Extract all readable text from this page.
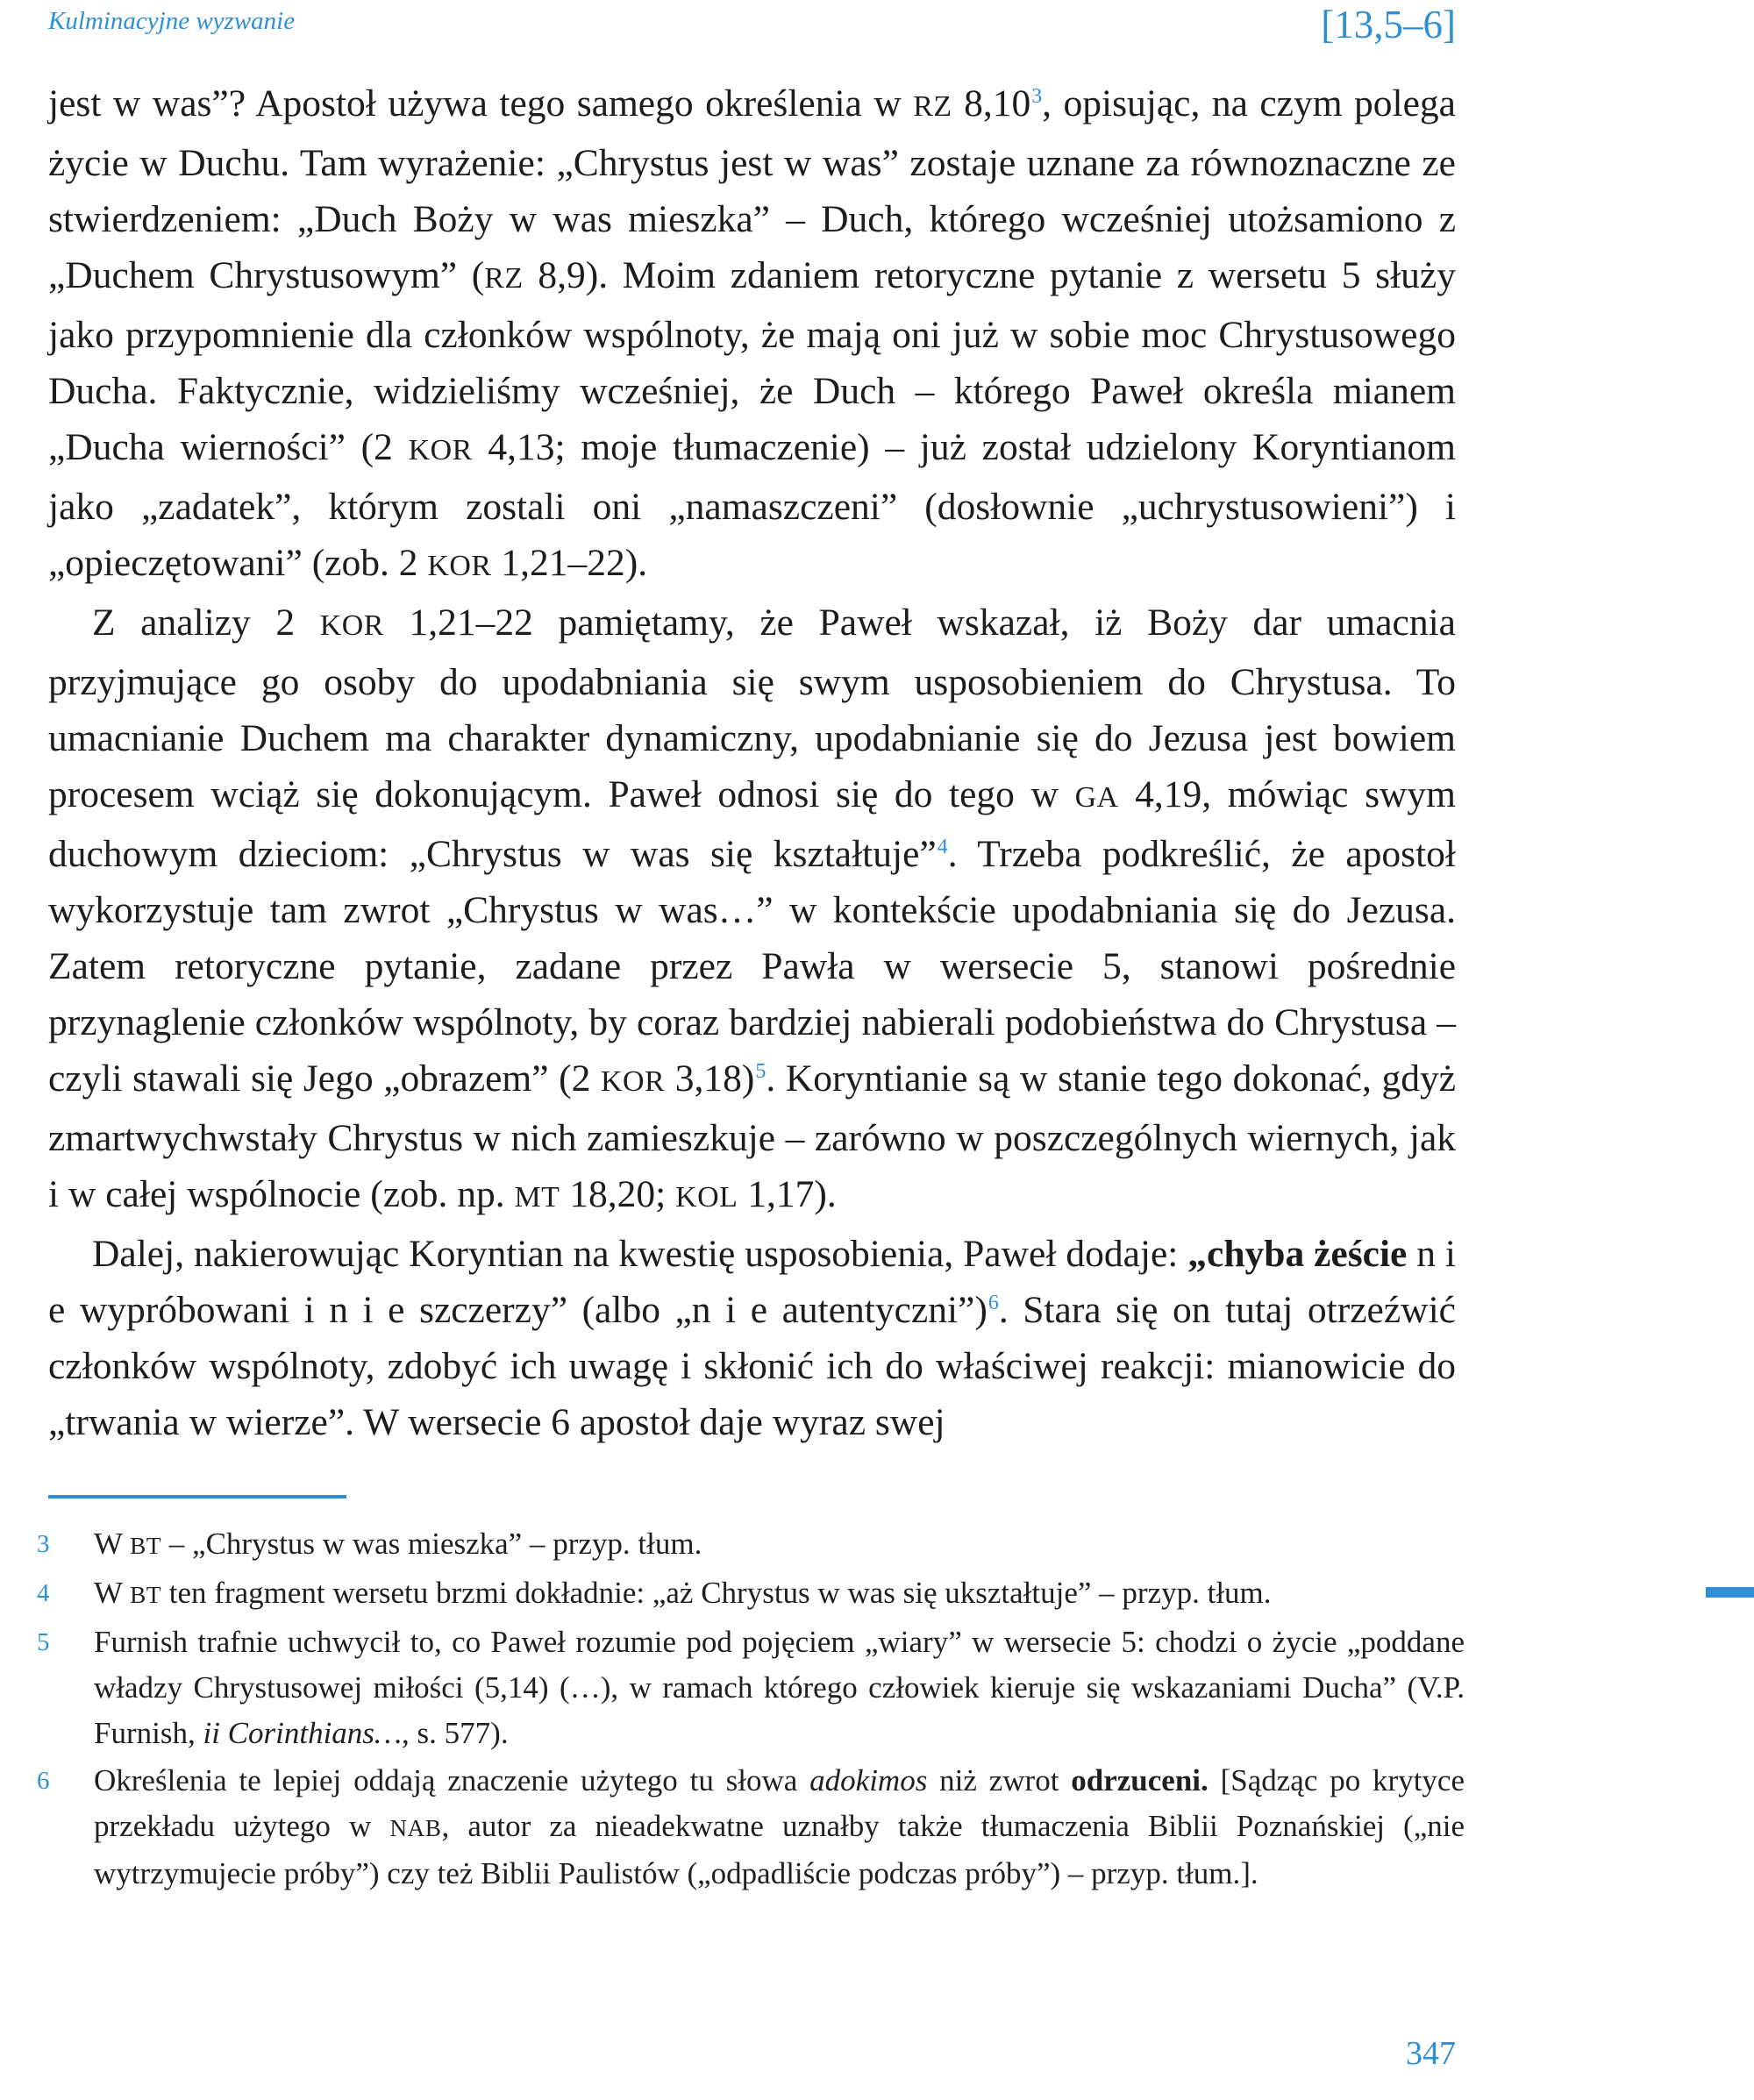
Kulminacyjne wyzwanie	[13,5–6]

jest w was”? Apostoł używa tego samego określenia w RZ 8,10$^3$, opisując, na czym polega życie w Duchu. Tam wyrażenie: „Chrystus jest w was” zostaje uznane za równoznaczne ze stwierdzeniem: „Duch Boży w was mieszka” – Duch, którego wcześniej utożsamiono z „Duchem Chrystusowym” (RZ 8,9). Moim zdaniem retoryczne pytanie z wersetu 5 służy jako przypomnienie dla członków wspólnoty, że mają oni już w sobie moc Chrystusowego Ducha. Faktycznie, widzieliśmy wcześniej, że Duch – którego Paweł określa mianem „Ducha wierności” (2 KOR 4,13; moje tłumaczenie) – już został udzielony Koryntianom jako „zadatek”, którym zostali oni „namaszczeni” (dosłownie „uchrystusowieni”) i „opieczętowani” (zob. 2 KOR 1,21–22).

Z analizy 2 KOR 1,21–22 pamiętamy, że Paweł wskazał, iż Boży dar umacnia przyjmujące go osoby do upodabniania się swym usposobieniem do Chrystusa. To umacnianie Duchem ma charakter dynamiczny, upodabnianie się do Jezusa jest bowiem procesem wciąż się dokonującym. Paweł odnosi się do tego w GA 4,19, mówiąc swym duchowym dzieciom: „Chrystus w was się kształtuje”$^4$. Trzeba podkreślić, że apostoł wykorzystuje tam zwrot „Chrystus w was…” w kontekście upodabniania się do Jezusa. Zatem retoryczne pytanie, zadane przez Pawła w wersecie 5, stanowi pośrednie przynaglenie członków wspólnoty, by coraz bardziej nabierali podobieństwa do Chrystusa – czyli stawali się Jego „obrazem” (2 KOR 3,18)$^5$. Koryntianie są w stanie tego dokonać, gdyż zmartwychwstały Chrystus w nich zamieszkuje – zarówno w poszczególnych wiernych, jak i w całej wspólnocie (zob. np. MT 18,20; KOL 1,17).

Dalej, nakierowując Koryntian na kwestię usposobienia, Paweł dodaje: „chyba żeście n i e wypróbowani i n i e szczerzy” (albo „n i e autentyczni”)$^6$. Stara się on tutaj otrzeźwić członków wspólnoty, zdobyć ich uwagę i skłonić ich do właściwej reakcji: mianowicie do „trwania w wierze”. W wersecie 6 apostoł daje wyraz swej

3	W BT – „Chrystus w was mieszka” – przyp. tłum.
4	W BT ten fragment wersetu brzmi dokładnie: „aż Chrystus w was się ukształtuje” – przyp. tłum.
5	Furnish trafnie uchwycił to, co Paweł rozumie pod pojęciem „wiary” w wersecie 5: chodzi o życie „poddane władzy Chrystusowej miłości (5,14) (…), w ramach którego człowiek kieruje się wskazaniami Ducha” (V.P. Furnish, ii Corinthians…, s. 577).
6	Określenia te lepiej oddają znaczenie użytego tu słowa adokimos niż zwrot odrzuceni. [Sądząc po krytyce przekładu użytego w NAB, autor za nieadekwatne uznałby także tłumaczenia Biblii Poznańskiej („nie wytrzymujecie próby”) czy też Biblii Paulistów („odpadliście podczas próby”) – przyp. tłum.].
347
